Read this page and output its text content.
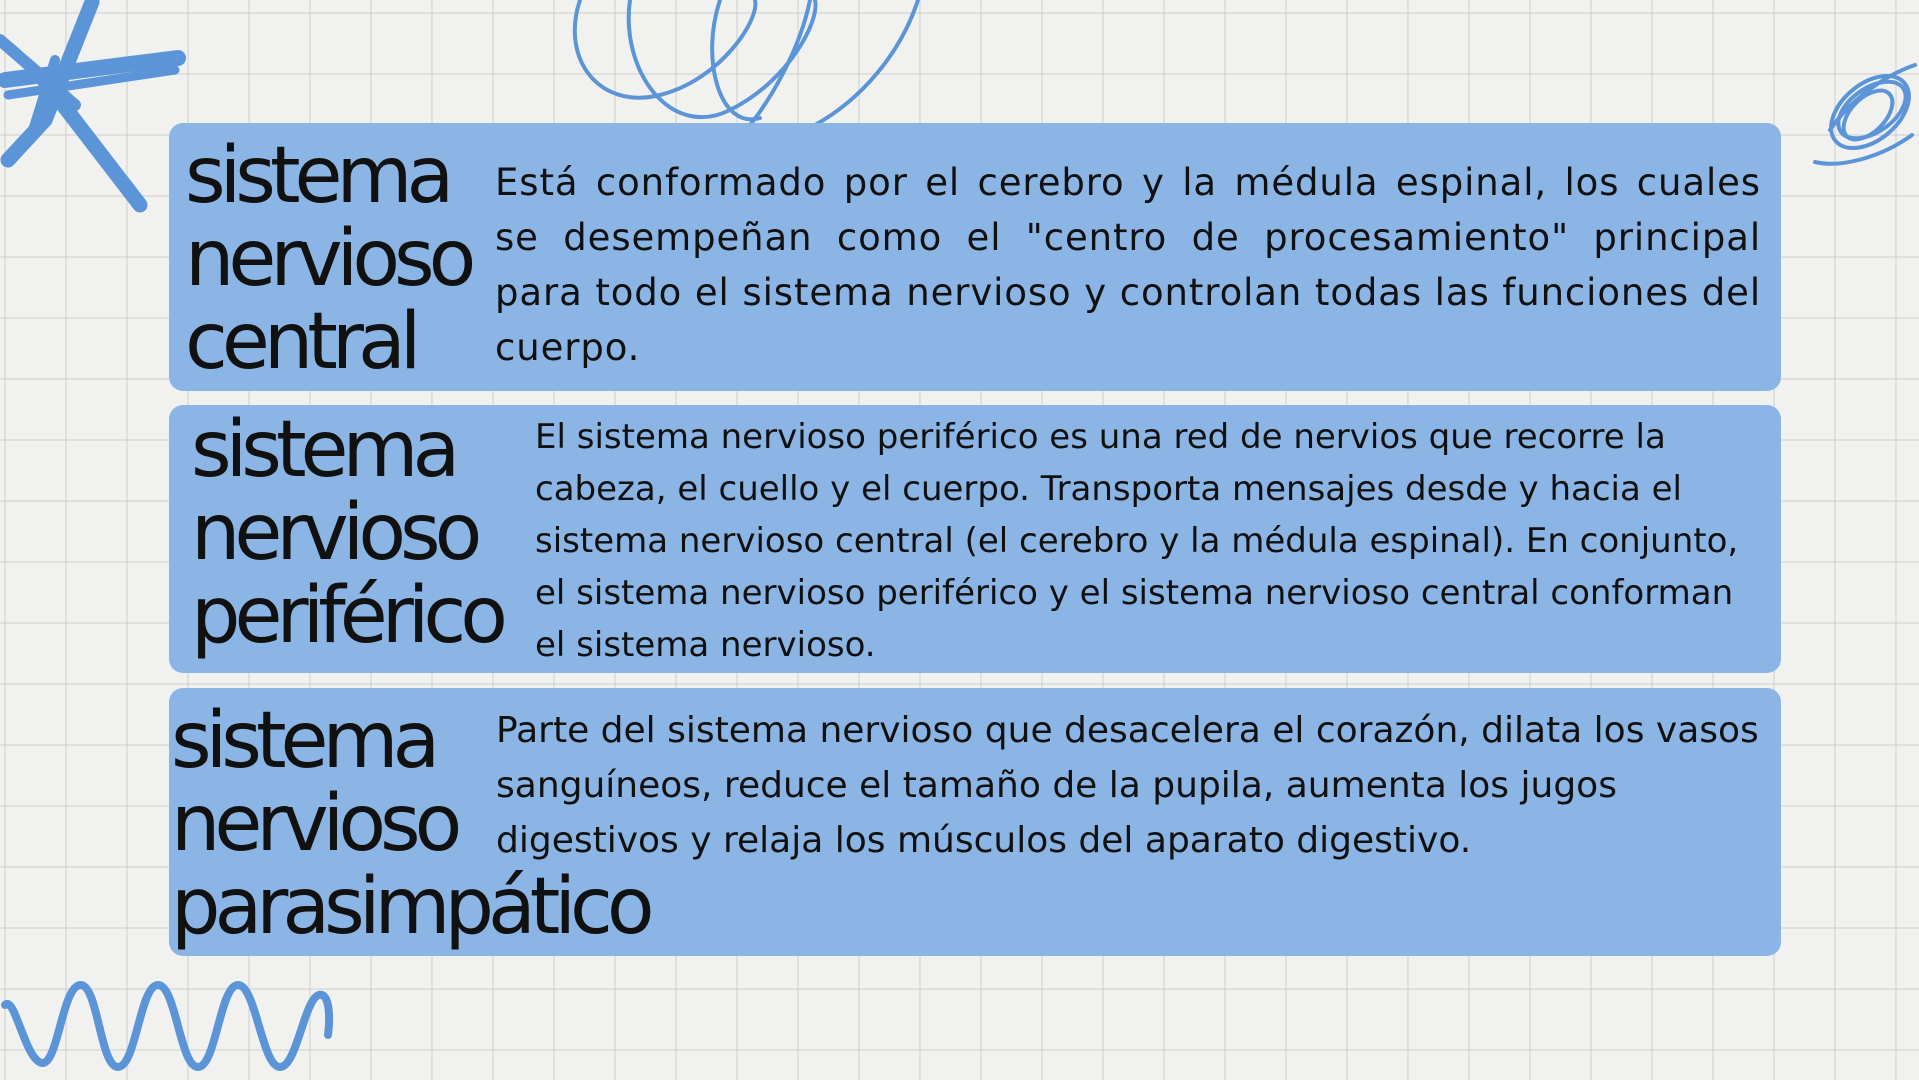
sistema
nervioso
central

Está conformado por el cerebro y la médula espinal, los cuales se desempeñan como el "centro de procesamiento" principal para todo el sistema nervioso y controlan todas las funciones del cuerpo.

sistema
nervioso
periférico

El sistema nervioso periférico es una red de nervios que recorre la cabeza, el cuello y el cuerpo. Transporta mensajes desde y hacia el sistema nervioso central (el cerebro y la médula espinal). En conjunto, el sistema nervioso periférico y el sistema nervioso central conforman el sistema nervioso.

sistema
nervioso
parasimpático

Parte del sistema nervioso que desacelera el corazón, dilata los vasos sanguíneos, reduce el tamaño de la pupila, aumenta los jugos digestivos y relaja los músculos del aparato digestivo.
